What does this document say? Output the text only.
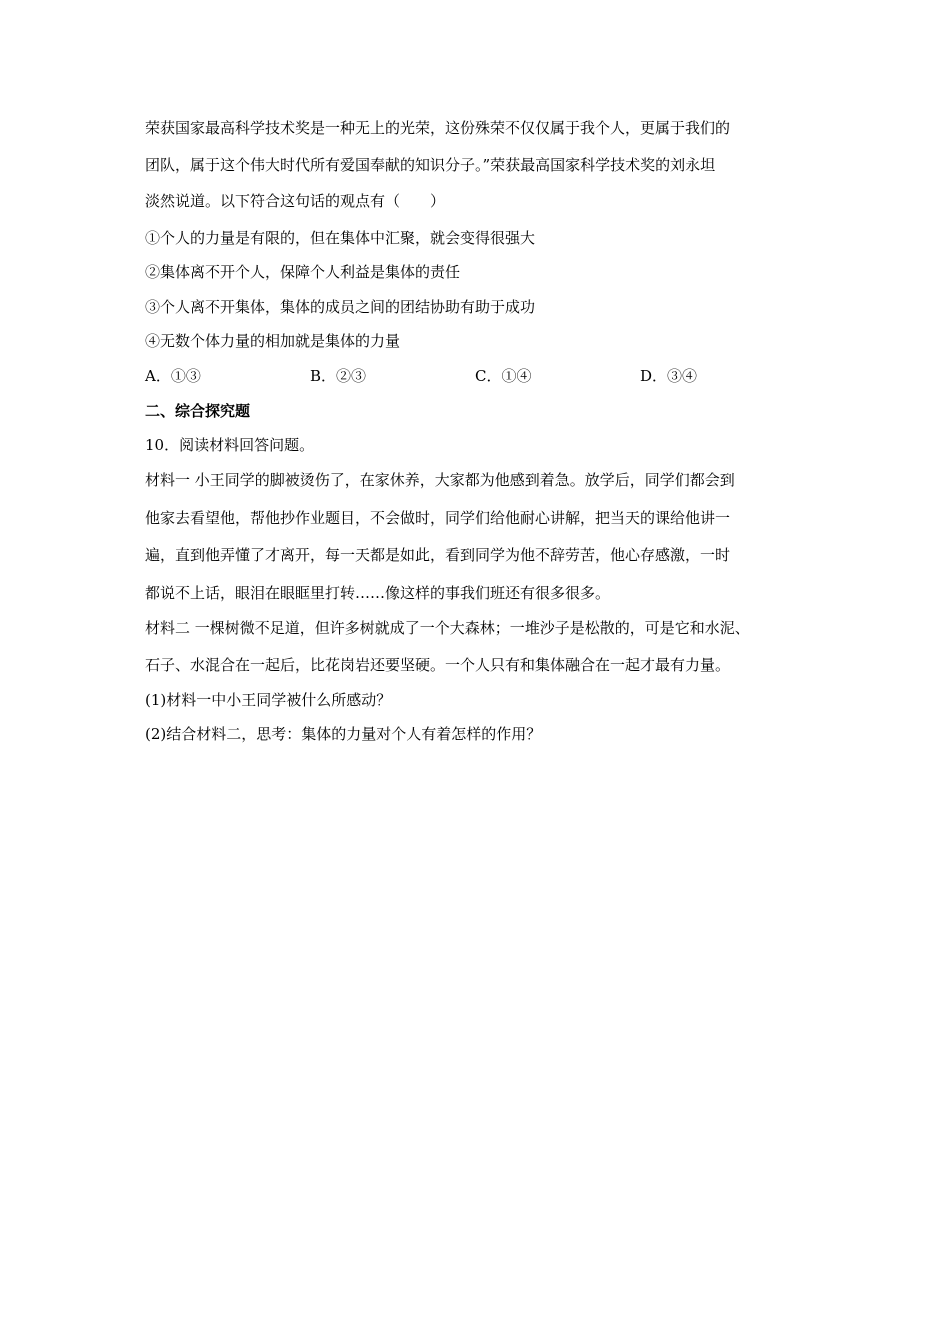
荣获国家最高科学技术奖是一种无上的光荣，这份殊荣不仅仅属于我个人，更属于我们的
团队，属于这个伟大时代所有爱国奉献的知识分子。”荣获最高国家科学技术奖的刘永坦
淡然说道。以下符合这句话的观点有（　　）
①个人的力量是有限的，但在集体中汇聚，就会变得很强大
②集体离不开个人，保障个人利益是集体的责任
③个人离不开集体，集体的成员之间的团结协助有助于成功
④无数个体力量的相加就是集体的力量
A．①③	B．②③	C．①④	D．③④
二、综合探究题
10．阅读材料回答问题。
材料一 小王同学的脚被烫伤了，在家休养，大家都为他感到着急。放学后，同学们都会到
他家去看望他，帮他抄作业题目，不会做时，同学们给他耐心讲解，把当天的课给他讲一
遍，直到他弄懂了才离开，每一天都是如此，看到同学为他不辞劳苦，他心存感激，一时
都说不上话，眼泪在眼眶里打转……像这样的事我们班还有很多很多。
材料二 一棵树微不足道，但许多树就成了一个大森林；一堆沙子是松散的，可是它和水泥、
石子、水混合在一起后，比花岗岩还要坚硬。一个人只有和集体融合在一起才最有力量。
(1)材料一中小王同学被什么所感动？
(2)结合材料二，思考：集体的力量对个人有着怎样的作用？
